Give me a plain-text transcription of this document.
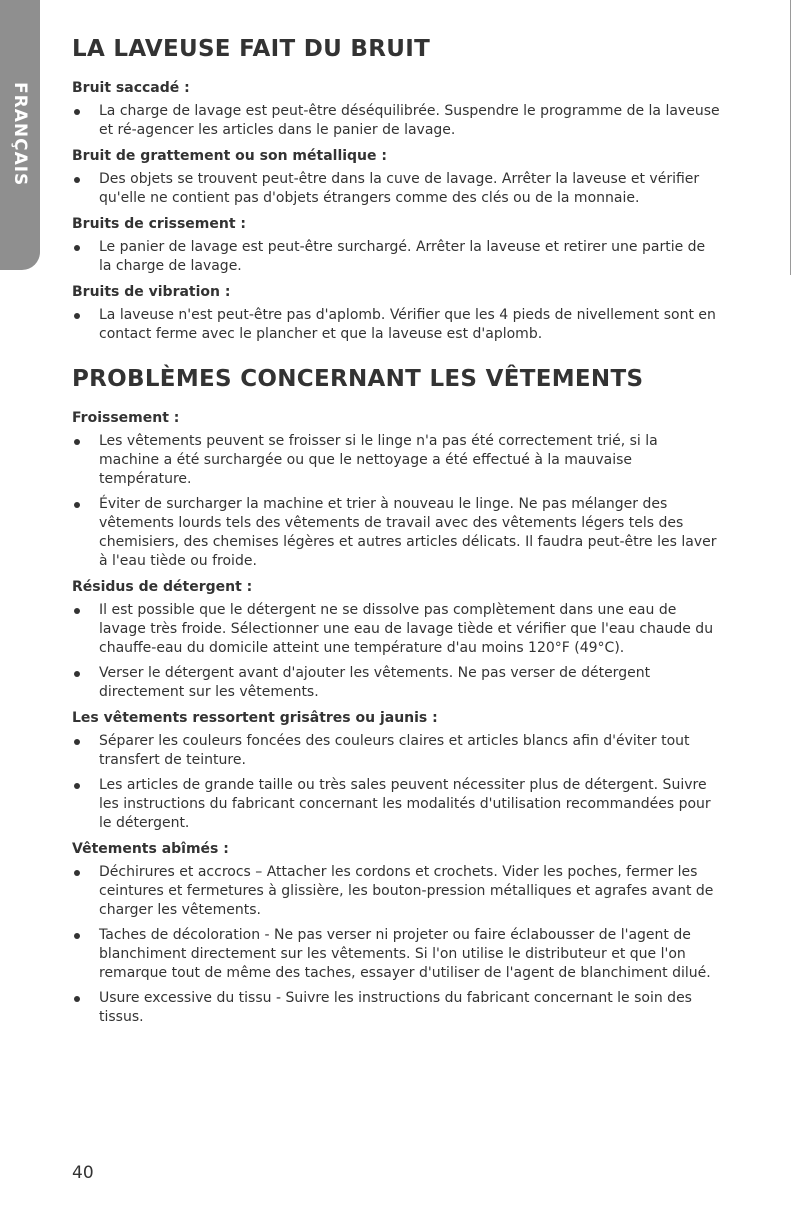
FRANÇAIS
LA LAVEUSE FAIT DU BRUIT
Bruit saccadé :
La charge de lavage est peut-être déséquilibrée. Suspendre le programme de la laveuse et ré-agencer les articles dans le panier de lavage.
Bruit de grattement ou son métallique :
Des objets se trouvent peut-être dans la cuve de lavage. Arrêter la laveuse et vérifier qu'elle ne contient pas d'objets étrangers comme des clés ou de la monnaie.
Bruits de crissement :
Le panier de lavage est peut-être surchargé. Arrêter la laveuse et retirer une partie de la charge de lavage.
Bruits de vibration :
La laveuse n'est peut-être pas d'aplomb. Vérifier que les 4 pieds de nivellement sont en contact ferme avec le plancher et que la laveuse est d'aplomb.
PROBLÈMES CONCERNANT LES VÊTEMENTS
Froissement :
Les vêtements peuvent se froisser si le linge n'a pas été correctement trié, si la machine a été surchargée ou que le nettoyage a été effectué à la mauvaise température.
Éviter de surcharger la machine et trier à nouveau le linge. Ne pas mélanger des vêtements lourds tels des vêtements de travail avec des vêtements légers tels des chemisiers, des chemises légères et autres articles délicats. Il faudra peut-être les laver à l'eau tiède ou froide.
Résidus de détergent :
Il est possible que le détergent ne se dissolve pas complètement dans une eau de lavage très froide. Sélectionner une eau de lavage tiède et vérifier que l'eau chaude du chauffe-eau du domicile atteint une température d'au moins 120°F (49°C).
Verser le détergent avant d'ajouter les vêtements. Ne pas verser de détergent directement sur les vêtements.
Les vêtements ressortent grisâtres ou jaunis :
Séparer les couleurs foncées des couleurs claires et articles blancs afin d'éviter tout transfert de teinture.
Les articles de grande taille ou très sales peuvent nécessiter plus de détergent. Suivre les instructions du fabricant concernant les modalités d'utilisation recommandées pour le détergent.
Vêtements abîmés :
Déchirures et accrocs – Attacher les cordons et crochets. Vider les poches, fermer les ceintures et fermetures à glissière, les bouton-pression métalliques et agrafes avant de charger les vêtements.
Taches de décoloration - Ne pas verser ni projeter ou faire éclabousser de l'agent de blanchiment directement sur les vêtements. Si l'on utilise le distributeur et que l'on remarque tout de même des taches, essayer d'utiliser de l'agent de blanchiment dilué.
Usure excessive du tissu - Suivre les instructions du fabricant concernant le soin des tissus.
40
